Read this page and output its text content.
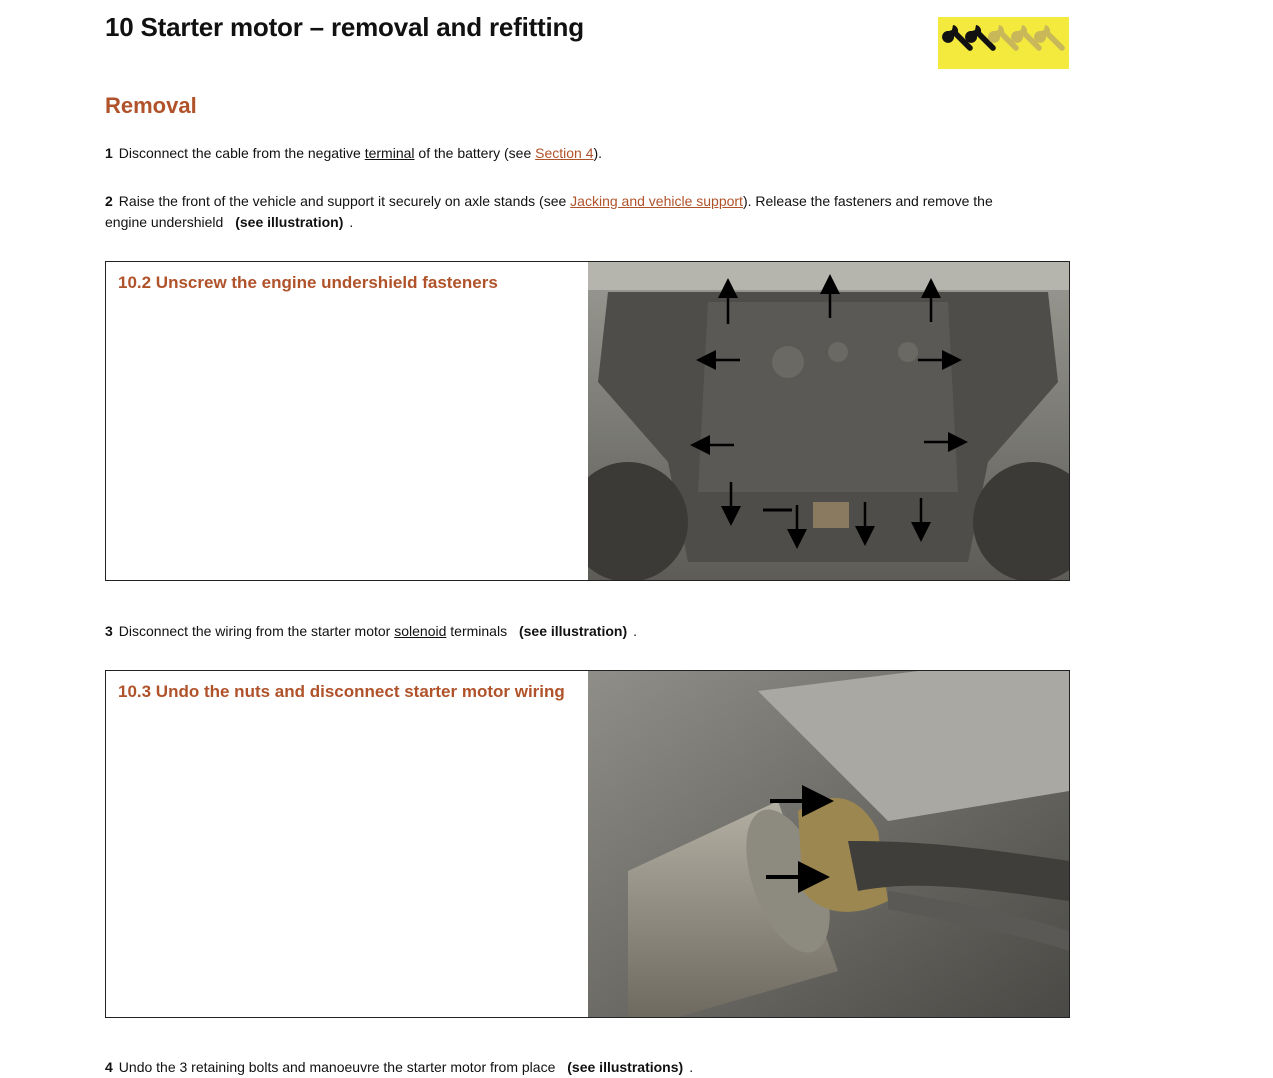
10 Starter motor – removal and refitting
Removal

1 Disconnect the cable from the negative terminal of the battery (see Section 4).

2 Raise the front of the vehicle and support it securely on axle stands (see Jacking and vehicle support). Release the fasteners and remove the engine undershield (see illustration) .

10.2 Unscrew the engine undershield fasteners

3 Disconnect the wiring from the starter motor solenoid terminals (see illustration) .

10.3 Undo the nuts and disconnect starter motor wiring

4 Undo the 3 retaining bolts and manoeuvre the starter motor from place (see illustrations) .
